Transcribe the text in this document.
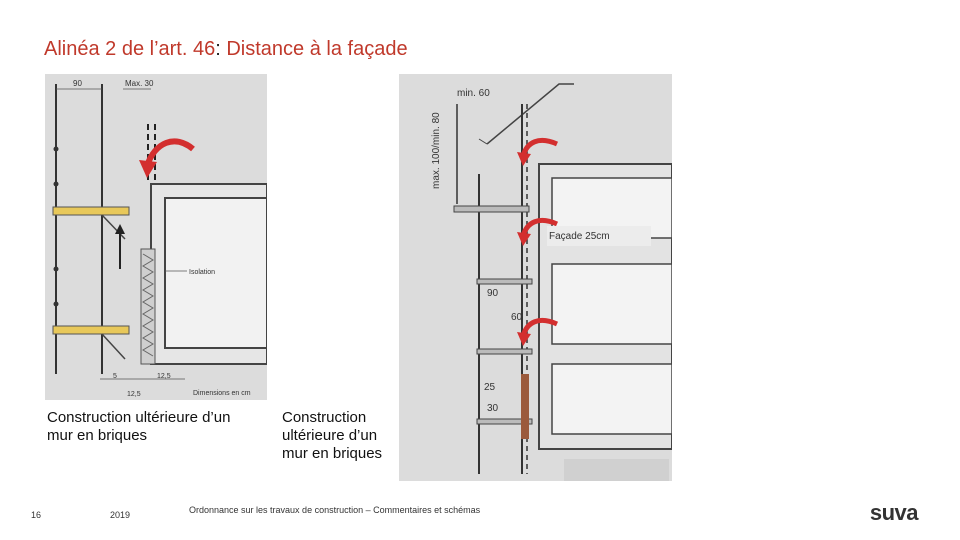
Alinéa 2 de l’art. 46: Distance à la façade
90	Max. 30
Isolation
5	12,5
12,5	Dimensions en cm
Construction ultérieure d’un mur en briques
min. 60
max. 100/min. 80
Façade 25cm
90
60
25
30
Construction ultérieure d’un mur en briques
16	2019	Ordonnance sur les travaux de construction – Commentaires et schémas	suva
